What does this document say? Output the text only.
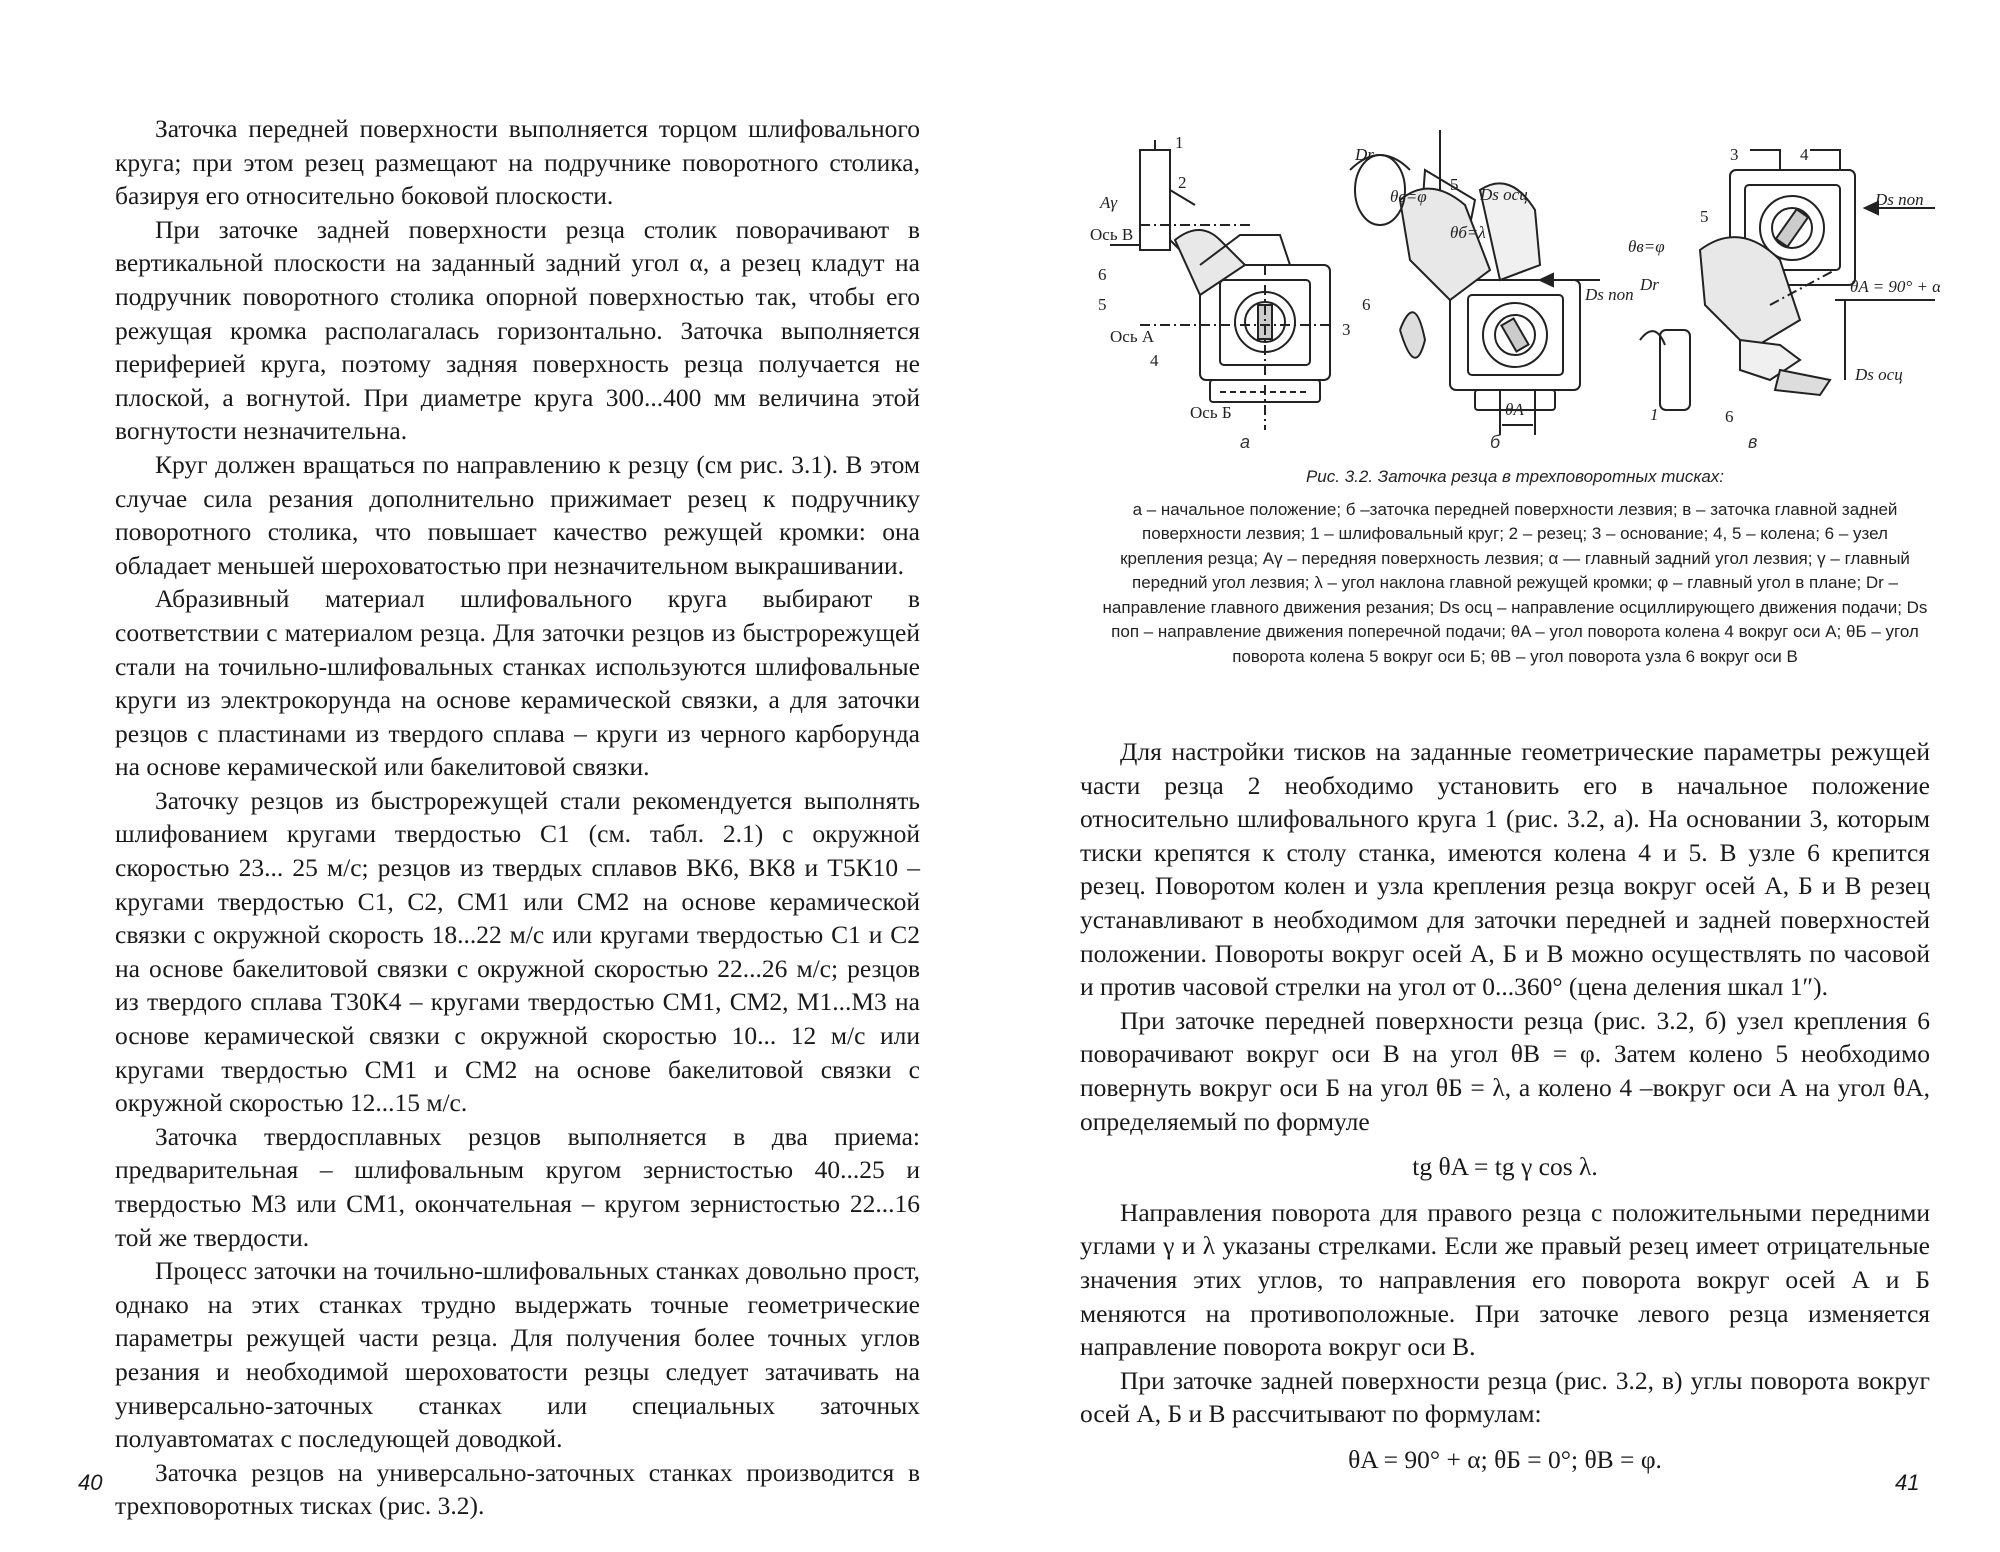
Заточка передней поверхности выполняется торцом шлифовального круга; при этом резец размещают на подручнике поворотного столика, базируя его относительно боковой плоскости.

При заточке задней поверхности резца столик поворачивают в вертикальной плоскости на заданный задний угол α, а резец кладут на подручник поворотного столика опорной поверхностью так, чтобы его режущая кромка располагалась горизонтально. Заточка выполняется периферией круга, поэтому задняя поверхность резца получается не плоской, а вогнутой. При диаметре круга 300...400 мм величина этой вогнутости незначительна.

Круг должен вращаться по направлению к резцу (см рис. 3.1). В этом случае сила резания дополнительно прижимает резец к подручнику поворотного столика, что повышает качество режущей кромки: она обладает меньшей шероховатостью при незначительном выкрашивании.

Абразивный материал шлифовального круга выбирают в соответствии с материалом резца. Для заточки резцов из быстрорежущей стали на точильно-шлифовальных станках используются шлифовальные круги из электрокорунда на основе керамической связки, а для заточки резцов с пластинами из твердого сплава – круги из черного карборунда на основе керамической или бакелитовой связки.

Заточку резцов из быстрорежущей стали рекомендуется выполнять шлифованием кругами твердостью С1 (см. табл. 2.1) с окружной скоростью 23... 25 м/с; резцов из твердых сплавов ВК6, ВК8 и Т5К10 – кругами твердостью С1, С2, СМ1 или СМ2 на основе керамической связки с окружной скорость 18...22 м/с или кругами твердостью С1 и С2 на основе бакелитовой связки с окружной скоростью 22...26 м/с; резцов из твердого сплава Т30К4 – кругами твердостью СМ1, СМ2, М1...М3 на основе керамической связки с окружной скоростью 10... 12 м/с или кругами твердостью СМ1 и СМ2 на основе бакелитовой связки с окружной скоростью 12...15 м/с.

Заточка твердосплавных резцов выполняется в два приема: предварительная – шлифовальным кругом зернистостью 40...25 и твердостью М3 или СМ1, окончательная – кругом зернистостью 22...16 той же твердости.

Процесс заточки на точильно-шлифовальных станках довольно прост, однако на этих станках трудно выдержать точные геометрические параметры режущей части резца. Для получения более точных углов резания и необходимой шероховатости резцы следует затачивать на универсально-заточных станках или специальных заточных полуавтоматах с последующей доводкой.

Заточка резцов на универсально-заточных станках производится в трехповоротных тисках (рис. 3.2).

40
1
2
Aγ
Ось В
6
5
Ось А
4
3
Ось Б
Dr
θв=φ
5
Ds осц
θб=λ
6
Ds поп
θA
3	4
5
θв=φ
Dr
Ds поп
θA = 90° + α
Ds осц
1	6
а	б	в
Рис. 3.2. Заточка резца в трехповоротных тисках:
а – начальное положение; б –заточка передней поверхности лезвия; в – заточка главной задней поверхности лезвия; 1 – шлифовальный круг; 2 – резец; 3 – основание; 4, 5 – колена; 6 – узел крепления резца; Aγ – передняя поверхность лезвия; α — главный задний угол лезвия; γ – главный передний угол лезвия; λ – угол наклона главной режущей кромки; φ – главный угол в плане; Dr – направление главного движения резания; Ds осц – направление осциллирующего движения подачи; Ds поп – направление движения поперечной подачи; θA – угол поворота колена 4 вокруг оси А; θБ – угол поворота колена 5 вокруг оси Б; θВ – угол поворота узла 6 вокруг оси В

Для настройки тисков на заданные геометрические параметры режущей части резца 2 необходимо установить его в начальное положение относительно шлифовального круга 1 (рис. 3.2, а). На основании 3, которым тиски крепятся к столу станка, имеются колена 4 и 5. В узле 6 крепится резец. Поворотом колен и узла крепления резца вокруг осей А, Б и В резец устанавливают в необходимом для заточки передней и задней поверхностей положении. Повороты вокруг осей А, Б и В можно осуществлять по часовой и против часовой стрелки на угол от 0...360° (цена деления шкал 1″).

При заточке передней поверхности резца (рис. 3.2, б) узел крепления 6 поворачивают вокруг оси В на угол θВ = φ. Затем колено 5 необходимо повернуть вокруг оси Б на угол θБ = λ, а колено 4 –вокруг оси А на угол θА, определяемый по формуле

tg θA = tg γ cos λ.

Направления поворота для правого резца с положительными передними углами γ и λ указаны стрелками. Если же правый резец имеет отрицательные значения этих углов, то направления его поворота вокруг осей А и Б меняются на противоположные. При заточке левого резца изменяется направление поворота вокруг оси В.

При заточке задней поверхности резца (рис. 3.2, в) углы поворота вокруг осей А, Б и В рассчитывают по формулам:

θA = 90° + α; θБ = 0°; θВ = φ.
41
